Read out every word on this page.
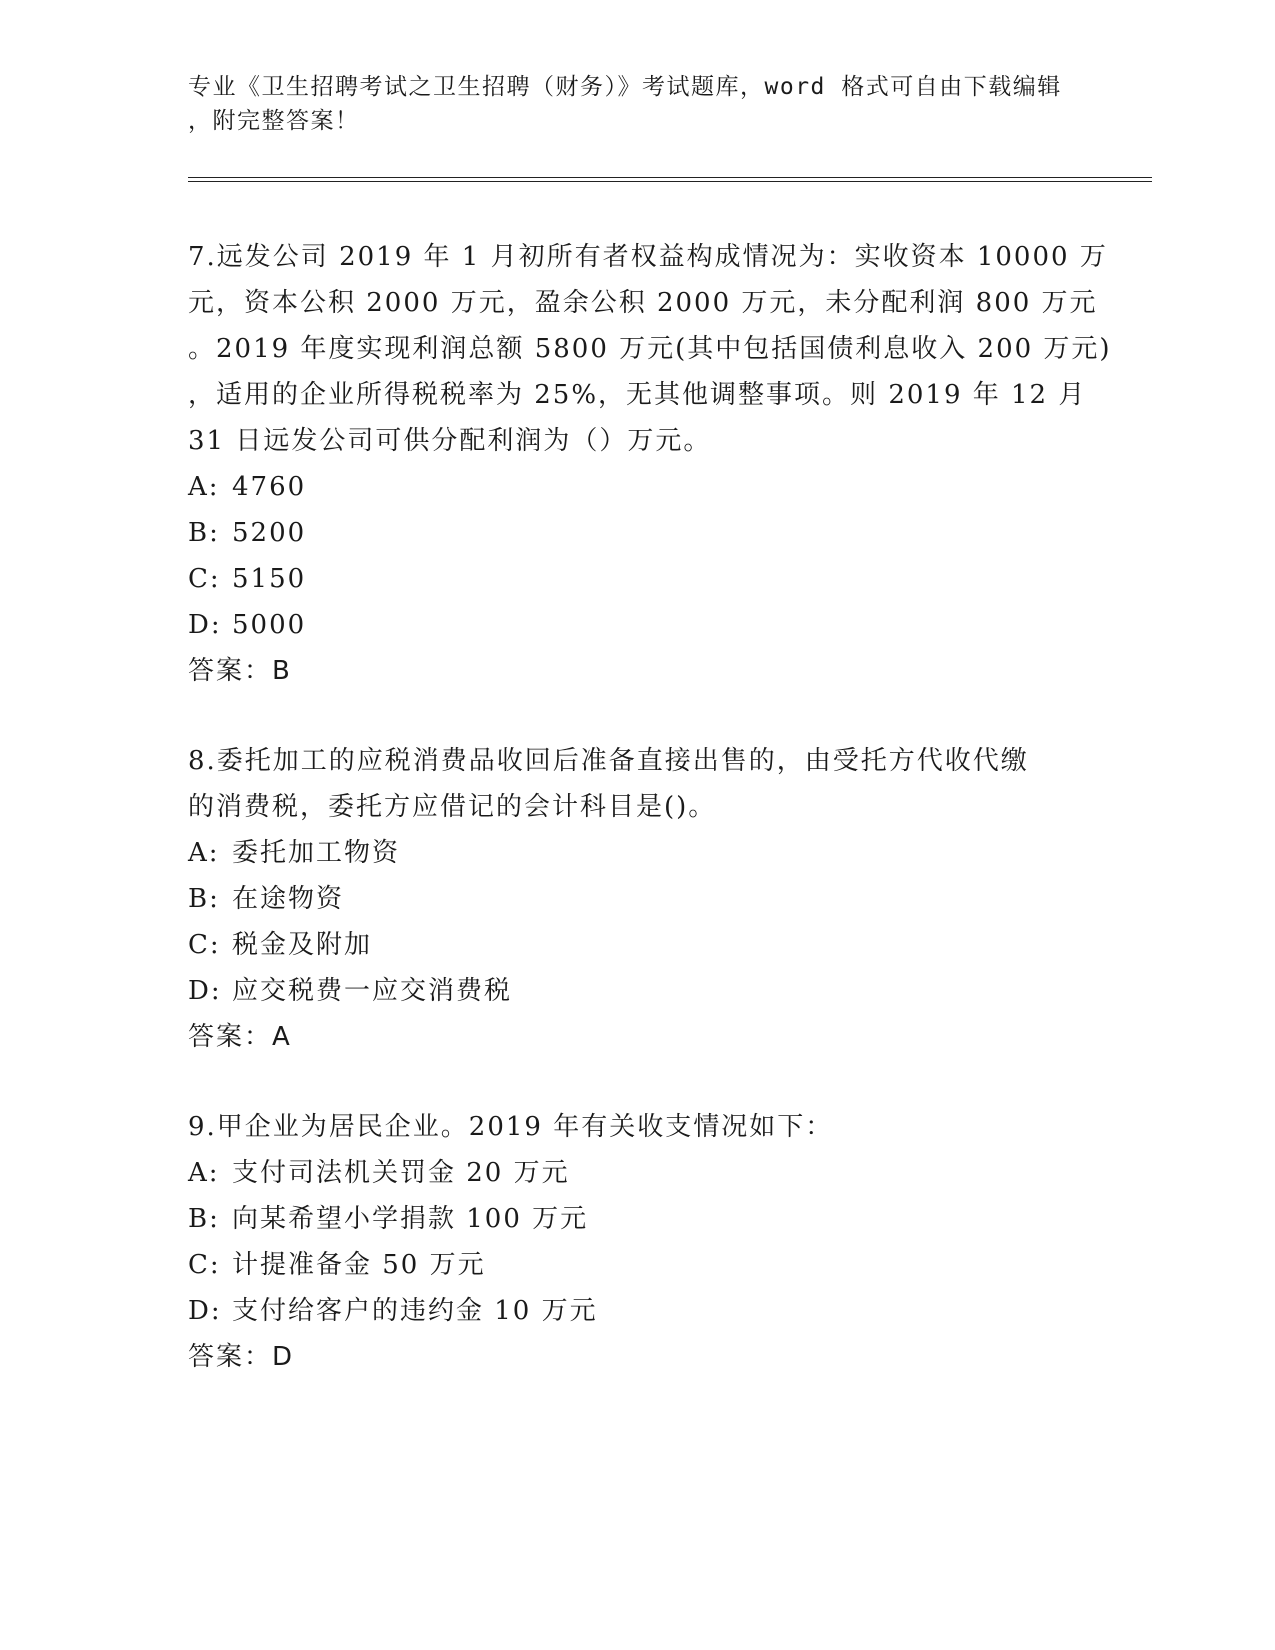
专业《卫生招聘考试之卫生招聘（财务）》考试题库，word 格式可自由下载编辑
，附完整答案！
7.远发公司 2019 年 1 月初所有者权益构成情况为：实收资本 10000 万
元，资本公积 2000 万元，盈余公积 2000 万元，未分配利润 800 万元
。2019 年度实现利润总额 5800 万元(其中包括国债利息收入 200 万元)
，适用的企业所得税税率为 25%，无其他调整事项。则 2019 年 12 月
31 日远发公司可供分配利润为（）万元。
A: 4760
B: 5200
C: 5150
D: 5000
答案：B
8.委托加工的应税消费品收回后准备直接出售的，由受托方代收代缴
的消费税，委托方应借记的会计科目是()。
A: 委托加工物资
B: 在途物资
C: 税金及附加
D: 应交税费一应交消费税
答案：A
9.甲企业为居民企业。2019 年有关收支情况如下：
A: 支付司法机关罚金 20 万元
B: 向某希望小学捐款 100 万元
C: 计提准备金 50 万元
D: 支付给客户的违约金 10 万元
答案：D
